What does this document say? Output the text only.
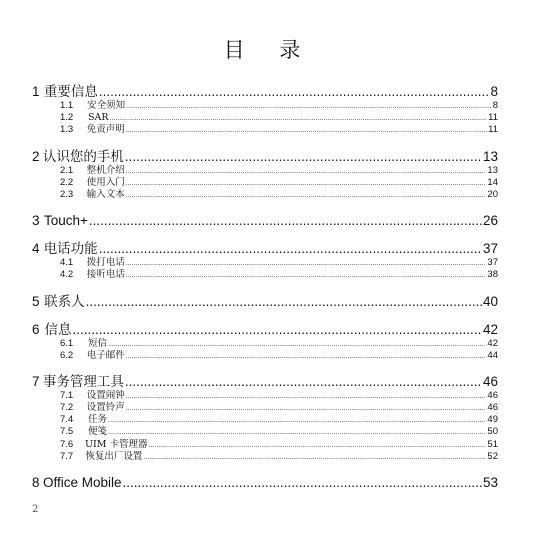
目 录
1 重要信息 .....	8
1.1	安全须知 .....	8
1.2	SAR .....	11
1.3	免责声明 .....	11
2 认识您的手机 .....	13
2.1	整机介绍 .....	13
2.2	使用入门 .....	14
2.3	输入文本 .....	20
3 Touch+ .....	26
4 电话功能 .....	37
4.1	拨打电话 .....	37
4.2	接听电话 .....	38
5 联系人 .....	40
6 信息 .....	42
6.1	短信 .....	42
6.2	电子邮件 .....	44
7 事务管理工具 .....	46
7.1	设置闹钟 .....	46
7.2	设置铃声 .....	46
7.4	任务 .....	49
7.5	便笺 .....	50
7.6	UIM 卡管理器 .....	51
7.7	恢复出厂设置 .....	52
8 Office Mobile .....	53
2
